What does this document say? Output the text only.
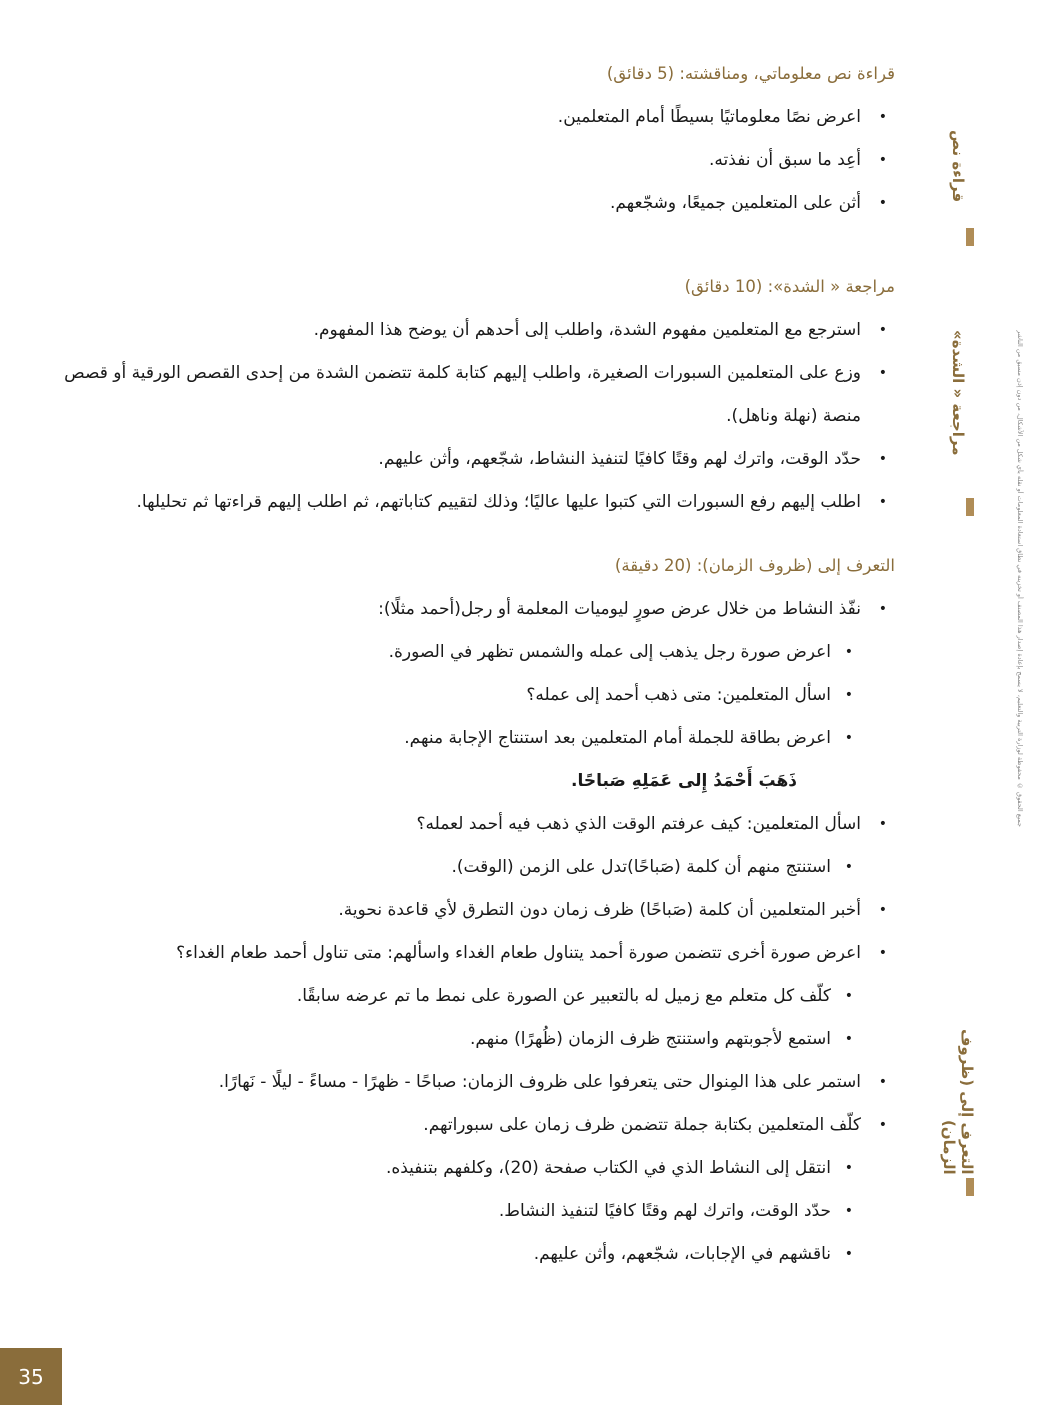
قراءة نص معلوماتي، ومناقشته: (5 دقائق)
• اعرض نصًا معلوماتيًا بسيطًا أمام المتعلمين.
• أعِد ما سبق أن نفذته.
• أثن على المتعلمين جميعًا، وشجّعهم.
مراجعة « الشدة»: (10 دقائق)
• استرجع مع المتعلمين مفهوم الشدة، واطلب إلى أحدهم أن يوضح هذا المفهوم.
• وزع على المتعلمين السبورات الصغيرة، واطلب إليهم كتابة كلمة تتضمن الشدة من إحدى القصص الورقية أو قصص منصة (نهلة وناهل).
• حدّد الوقت، واترك لهم وقتًا كافيًا لتنفيذ النشاط، شجّعهم، وأثن عليهم.
• اطلب إليهم رفع السبورات التي كتبوا عليها عاليًا؛ وذلك لتقييم كتاباتهم، ثم اطلب إليهم قراءتها ثم تحليلها.
التعرف إلى (ظروف الزمان): (20 دقيقة)
• نفّذ النشاط من خلال عرض صورٍ ليوميات المعلمة أو رجل(أحمد مثلًا):
• اعرض صورة رجل يذهب إلى عمله والشمس تظهر في الصورة.
• اسأل المتعلمين: متى ذهب أحمد إلى عمله؟
• اعرض بطاقة للجملة أمام المتعلمين بعد استنتاج الإجابة منهم.
ذَهَبَ أَحْمَدُ إِلى عَمَلِهِ صَباحًا.
• اسأل المتعلمين: كيف عرفتم الوقت الذي ذهب فيه أحمد لعمله؟
• استنتج منهم أن كلمة (صَباحًا)تدل على الزمن (الوقت).
• أخبر المتعلمين أن كلمة (صَباحًا) ظرف زمان دون التطرق لأي قاعدة نحوية.
• اعرض صورة أخرى تتضمن صورة أحمد يتناول طعام الغداء واسألهم: متى تناول أحمد طعام الغداء؟
• كلّف كل متعلم مع زميل له بالتعبير عن الصورة على نمط ما تم عرضه سابقًا.
• استمع لأجوبتهم واستنتج ظرف الزمان (ظُهرًا) منهم.
• استمر على هذا المِنوال حتى يتعرفوا على ظروف الزمان: صباحًا - ظهرًا - مساءً - ليلًا - نَهارًا.
• كلّف المتعلمين بكتابة جملة تتضمن ظرف زمان على سبوراتهم.
• انتقل إلى النشاط الذي في الكتاب صفحة (20)، وكلفهم بتنفيذه.
• حدّد الوقت، واترك لهم وقتًا كافيًا لتنفيذ النشاط.
• ناقشهم في الإجابات، شجّعهم، وأثن عليهم.
قراءة نص
مراجعة « الشدة»
التعرف إلى (ظروف الزمان)
جميع الحقوق © محفوظة لوزارة التربية والتعليم، لا يسمح بإعادة إصدار هذا المصنف أو تخزينه في نطاق استعادة المعلومات أو نقله بأي شكل من الأشكال، من دون إذن مسبق من الناشر
35
